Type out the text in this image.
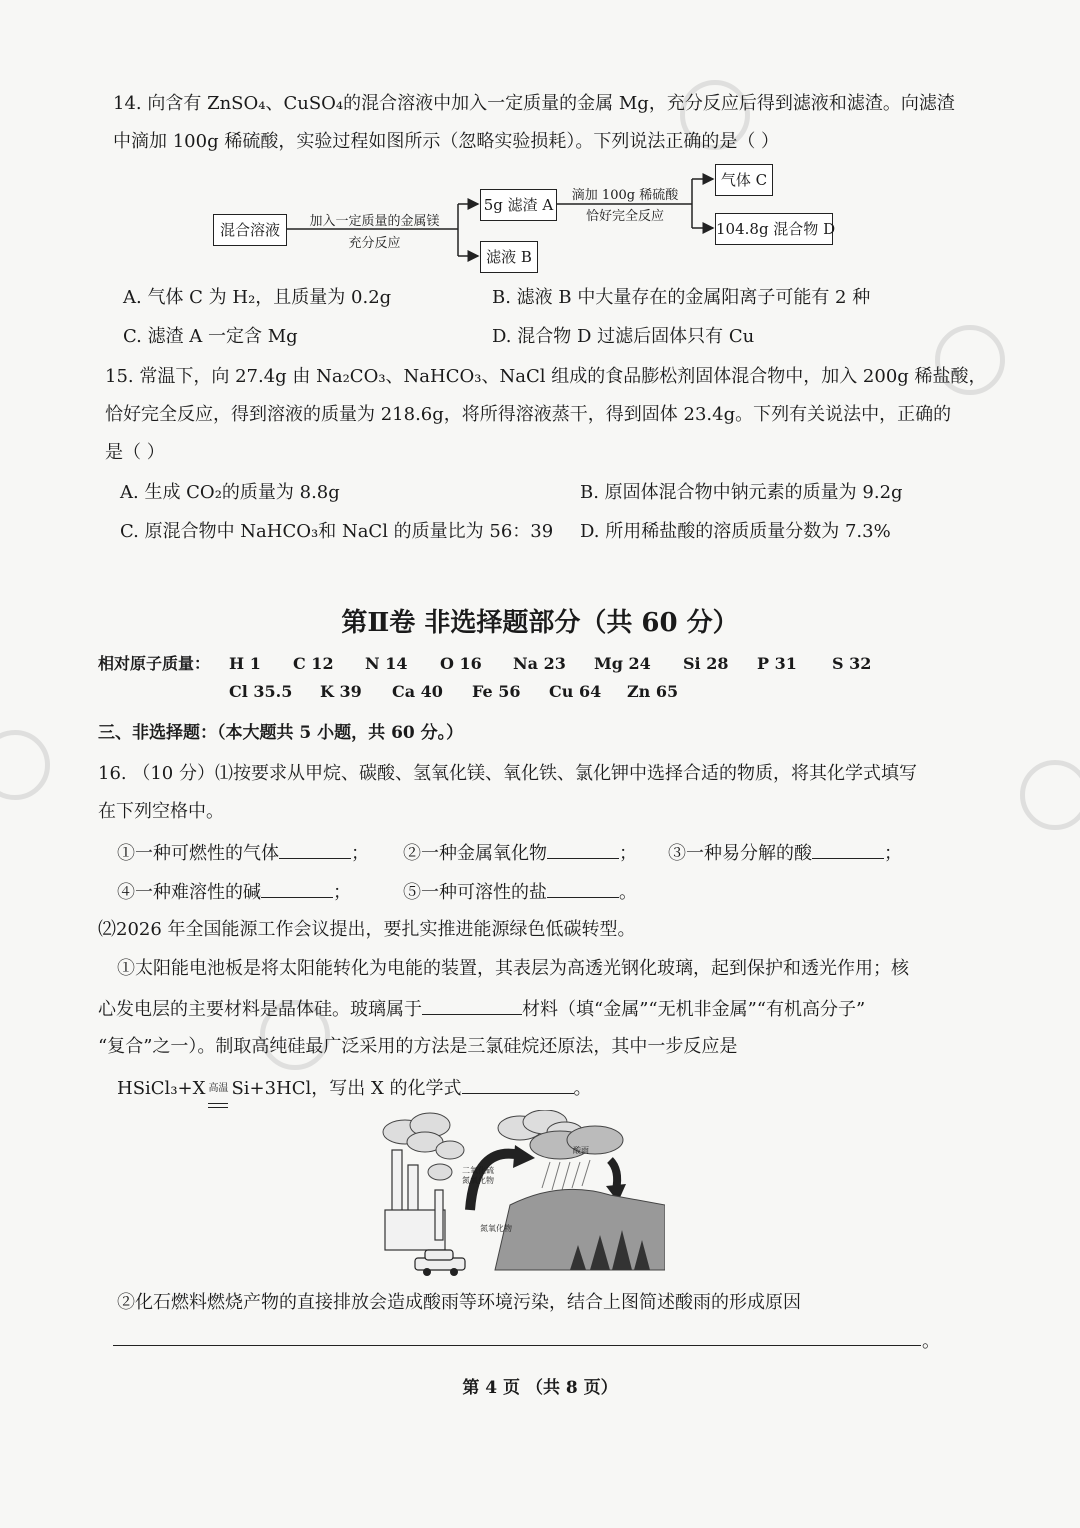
14. 向含有 ZnSO₄、CuSO₄的混合溶液中加入一定质量的金属 Mg，充分反应后得到滤液和滤渣。向滤渣
中滴加 100g 稀硫酸，实验过程如图所示（忽略实验损耗）。下列说法正确的是（ ）
混合溶液	加入一定质量的金属镁
充分反应
5g 滤渣 A
滤液 B
滴加 100g 稀硫酸
恰好完全反应
气体 C
104.8g 混合物 D
A. 气体 C 为 H₂，且质量为 0.2g	B. 滤液 B 中大量存在的金属阳离子可能有 2 种
C. 滤渣 A 一定含 Mg	D. 混合物 D 过滤后固体只有 Cu
15. 常温下，向 27.4g 由 Na₂CO₃、NaHCO₃、NaCl 组成的食品膨松剂固体混合物中，加入 200g 稀盐酸，
恰好完全反应，得到溶液的质量为 218.6g，将所得溶液蒸干，得到固体 23.4g。下列有关说法中，正确的
是（ ）
A. 生成 CO₂的质量为 8.8g	B. 原固体混合物中钠元素的质量为 9.2g
C. 原混合物中 NaHCO₃和 NaCl 的质量比为 56：39 D. 所用稀盐酸的溶质质量分数为 7.3%
第Ⅱ卷 非选择题部分（共 60 分）
相对原子质量： H 1 C 12 N 14 O 16 Na 23 Mg 24 Si 28 P 31 S 32
Cl 35.5 K 39 Ca 40 Fe 56 Cu 64 Zn 65
三、非选择题：（本大题共 5 小题，共 60 分。）
16. （10 分）⑴按要求从甲烷、碳酸、氢氧化镁、氧化铁、氯化钾中选择合适的物质，将其化学式填写
在下列空格中。
①一种可燃性的气体	； ②一种金属氧化物	； ③一种易分解的酸	；
④一种难溶性的碱	；	⑤一种可溶性的盐	。
⑵2026 年全国能源工作会议提出，要扎实推进能源绿色低碳转型。
①太阳能电池板是将太阳能转化为电能的装置，其表层为高透光钢化玻璃，起到保护和透光作用；核
心发电层的主要材料是晶体硅。玻璃属于	材料（填“金属”“无机非金属”“有机高分子”
“复合”之一）。制取高纯硅最广泛采用的方法是三氯硅烷还原法，其中一步反应是
HSiCl₃+X 高温 Si+3HCl，写出 X 的化学式	。
二氧化硫
氮氧化物
氮氧化物
酸雨
②化石燃料燃烧产物的直接排放会造成酸雨等环境污染，结合上图简述酸雨的形成原因
。
第 4 页 （共 8 页）
